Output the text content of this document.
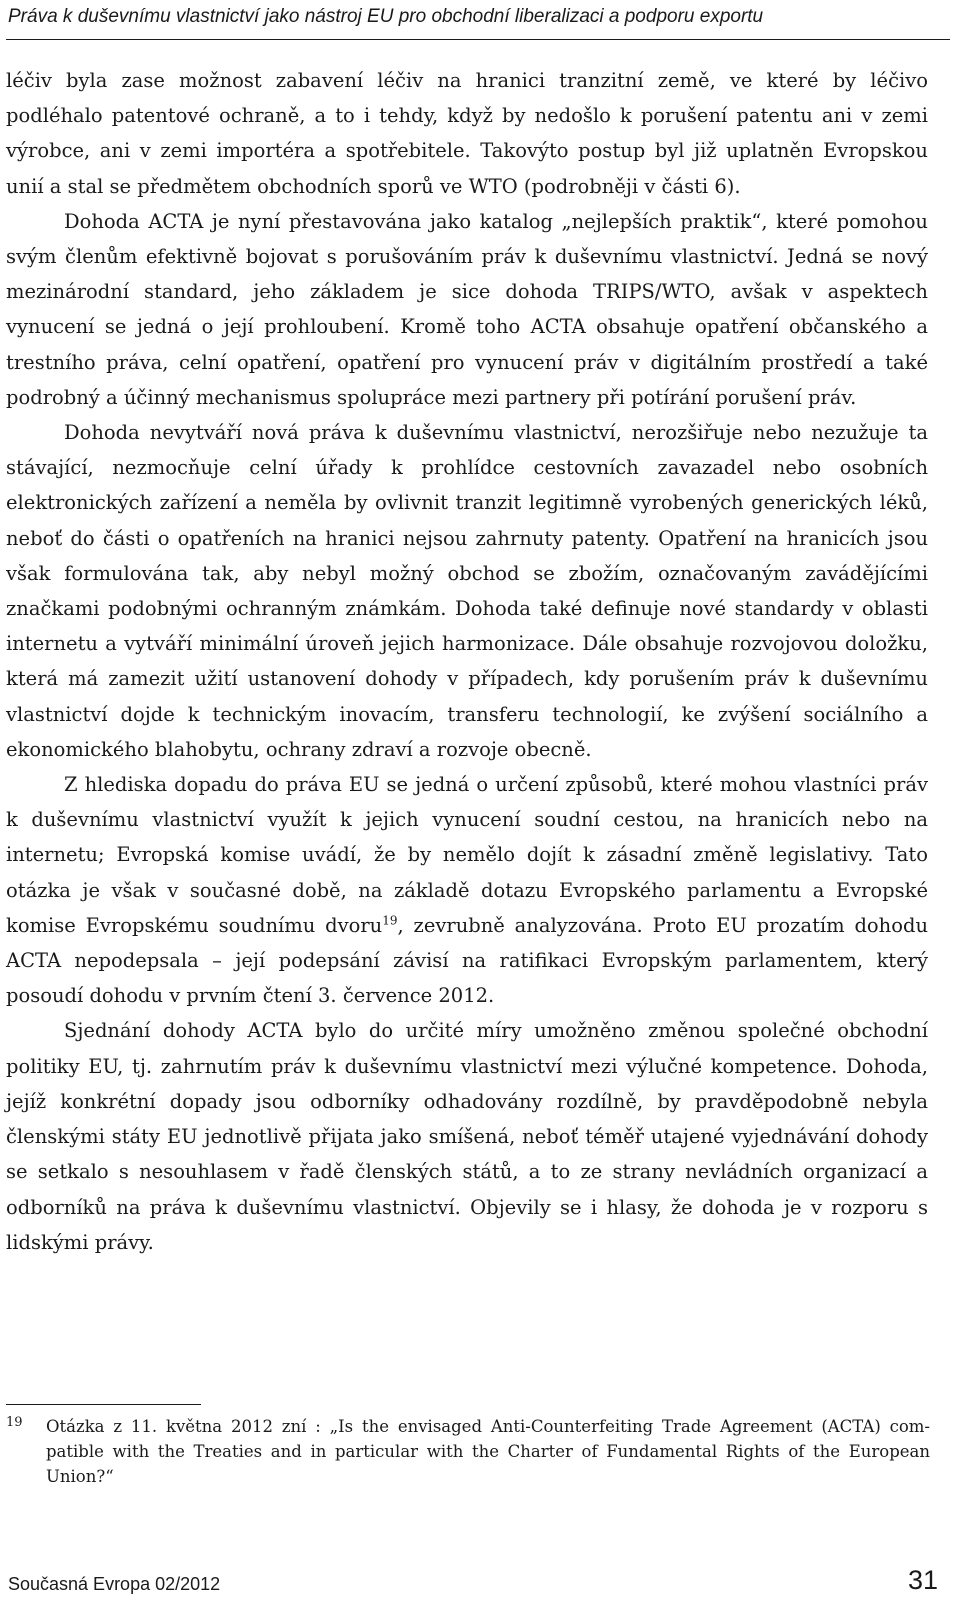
Práva k duševnímu vlastnictví jako nástroj EU pro obchodní liberalizaci a podporu exportu

léčiv byla zase možnost zabavení léčiv na hranici tranzitní země, ve které by léčivo podléhalo patentové ochraně, a to i tehdy, když by nedošlo k porušení patentu ani v zemi výrobce, ani v zemi importéra a spotřebitele. Takovýto postup byl již uplatněn Evropskou unií a stal se předmětem obchodních sporů ve WTO (podrobněji v části 6).

Dohoda ACTA je nyní přestavována jako katalog „nejlepších praktik“, které pomohou svým členům efektivně bojovat s porušováním práv k duševnímu vlastnictví. Jedná se nový mezinárodní standard, jeho základem je sice dohoda TRIPS/WTO, avšak v aspektech vynucení se jedná o její prohloubení. Kromě toho ACTA obsahuje opatření občanského a trestního práva, celní opatření, opatření pro vynucení práv v digitálním prostředí a také podrobný a účinný mechanismus spolupráce mezi partnery při potírání porušení práv.

Dohoda nevytváří nová práva k duševnímu vlastnictví, nerozšiřuje nebo nezužuje ta stávající, nezmocňuje celní úřady k prohlídce cestovních zavazadel nebo osobních elektronických zařízení a neměla by ovlivnit tranzit legitimně vyrobených generických léků, neboť do části o opatřeních na hranici nejsou zahrnuty patenty. Opatření na hranicích jsou však formulována tak, aby nebyl možný obchod se zbožím, označovaným zavádějícími značkami podobnými ochranným známkám. Dohoda také definuje nové standardy v oblasti internetu a vytváří minimální úroveň jejich harmonizace. Dále obsahuje rozvojovou doložku, která má zamezit užití ustanovení dohody v případech, kdy porušením práv k duševnímu vlastnictví dojde k technickým inovacím, transferu technologií, ke zvýšení sociálního a ekonomického blahobytu, ochrany zdraví a rozvoje obecně.

Z hlediska dopadu do práva EU se jedná o určení způsobů, které mohou vlastníci práv k duševnímu vlastnictví využít k jejich vynucení soudní cestou, na hranicích nebo na internetu; Evropská komise uvádí, že by nemělo dojít k zásadní změně legislativy. Tato otázka je však v současné době, na základě dotazu Evropského parlamentu a Evropské komise Evropskému soudnímu dvoru$^{19}$, zevrubně analyzována. Proto EU prozatím dohodu ACTA nepodepsala – její podepsání závisí na ratifikaci Evropským parlamentem, který posoudí dohodu v prvním čtení 3. července 2012.

Sjednání dohody ACTA bylo do určité míry umožněno změnou společné obchodní politiky EU, tj. zahrnutím práv k duševnímu vlastnictví mezi výlučné kompetence. Dohoda, jejíž konkrétní dopady jsou odborníky odhadovány rozdílně, by pravděpodobně nebyla členskými státy EU jednotlivě přijata jako smíšená, neboť téměř utajené vyjednávání dohody se setkalo s nesouhlasem v řadě členských států, a to ze strany nevládních organizací a odborníků na práva k duševnímu vlastnictví. Objevily se i hlasy, že dohoda je v rozporu s lidskými právy.

19 Otázka z 11. května 2012 zní : „Is the envisaged Anti-Counterfeiting Trade Agreement (ACTA) compatible with the Treaties and in particular with the Charter of Fundamental Rights of the European Union?“
Současná Evropa 02/2012	31
